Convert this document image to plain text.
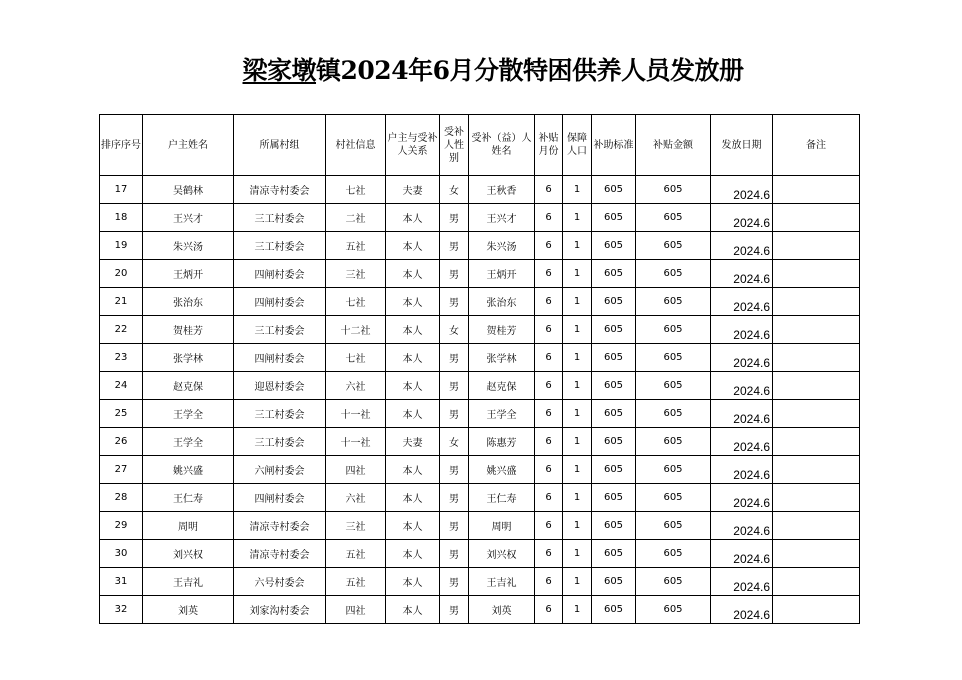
梁家墩镇2024年6月分散特困供养人员发放册
排序序号	户主姓名	所属村组	村社信息	户主与受补人关系	受补人性别	受补（益）人姓名	补贴月份	保障人口	补助标准	补贴金额	发放日期	备注
17	吴鹤林	清凉寺村委会	七社	夫妻	女	王秋香	6	1	605	605	2024.6	

18	王兴才	三工村委会	二社	本人	男	王兴才	6	1	605	605	2024.6	

19	朱兴汤	三工村委会	五社	本人	男	朱兴汤	6	1	605	605	2024.6	

20	王炳开	四闸村委会	三社	本人	男	王炳开	6	1	605	605	2024.6	

21	张治东	四闸村委会	七社	本人	男	张治东	6	1	605	605	2024.6	

22	贺桂芳	三工村委会	十二社	本人	女	贺桂芳	6	1	605	605	2024.6	

23	张学林	四闸村委会	七社	本人	男	张学林	6	1	605	605	2024.6	

24	赵克保	迎恩村委会	六社	本人	男	赵克保	6	1	605	605	2024.6	

25	王学全	三工村委会	十一社	本人	男	王学全	6	1	605	605	2024.6	

26	王学全	三工村委会	十一社	夫妻	女	陈惠芳	6	1	605	605	2024.6	

27	姚兴盛	六闸村委会	四社	本人	男	姚兴盛	6	1	605	605	2024.6	

28	王仁寿	四闸村委会	六社	本人	男	王仁寿	6	1	605	605	2024.6	

29	周明	清凉寺村委会	三社	本人	男	周明	6	1	605	605	2024.6	

30	刘兴权	清凉寺村委会	五社	本人	男	刘兴权	6	1	605	605	2024.6	

31	王吉礼	六号村委会	五社	本人	男	王吉礼	6	1	605	605	2024.6	

32	刘英	刘家沟村委会	四社	本人	男	刘英	6	1	605	605	2024.6	
